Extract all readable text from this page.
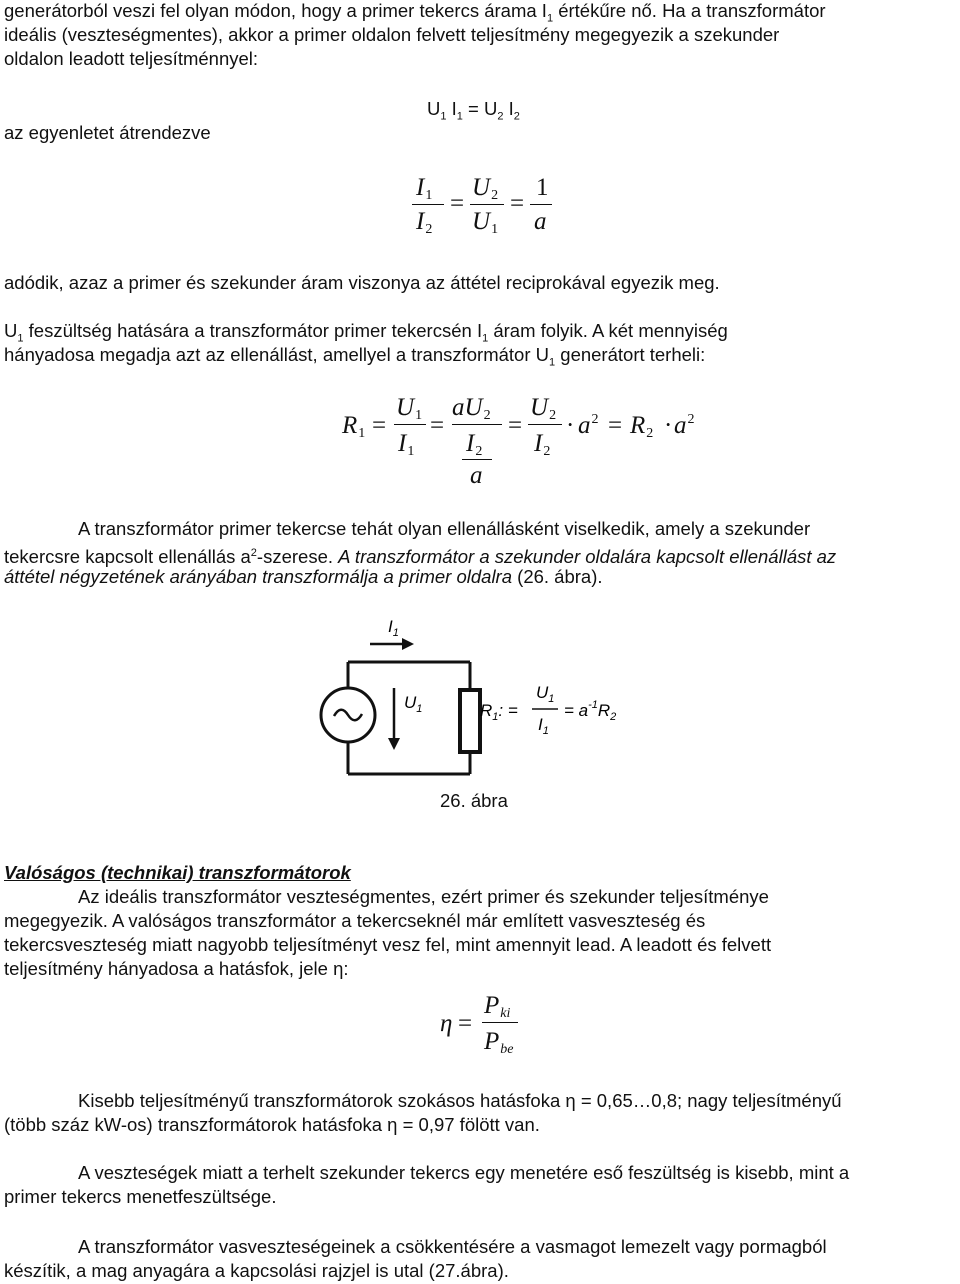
generátorból veszi fel olyan módon, hogy a primer tekercs árama $I_1$ értékűre nő. Ha a transzformátor
ideális (veszteségmentes), akkor a primer oldalon felvett teljesítmény megegyezik a szekunder
oldalon leadott teljesítménnyel:
$U_1$ $I_1 = U_2$ $I_2$
az egyenletet átrendezve
I1
I2
=
U2
U1
=
1
a
adódik, azaz a primer és szekunder áram viszonya az áttétel reciprokával egyezik meg.
$U_1$ feszültség hatására a transzformátor primer tekercsén $I_1$ áram folyik. A két mennyiség
hányadosa megadja azt az ellenállást, amellyel a transzformátor $U_1$ generátort terheli:
R1 =
U1
I1
=
aU2
I2
a
=
U2
I2
· $a^2 = R2 \cdot a^2$
A transzformátor primer tekercse tehát olyan ellenállásként viselkedik, amely a szekunder
tekercsre kapcsolt ellenállás $a^2$-szerese. A transzformátor a szekunder oldalára kapcsolt ellenállást az
áttétel négyzetének arányában transzformálja a primer oldalra (26. ábra).
$I_1$
$U_1$	$R_1$: =
$U_1$
$I_1$
= $a^{-1}R_2$
26. ábra
Valóságos (technikai) transzformátorok
Az ideális transzformátor veszteségmentes, ezért primer és szekunder teljesítménye
megegyezik. A valóságos transzformátor a tekercseknél már említett vasveszteség és
tekercsveszteség miatt nagyobb teljesítményt vesz fel, mint amennyit lead. A leadott és felvett
teljesítmény hányadosa a hatásfok, jele η:
η =
Pki
Pbe
Kisebb teljesítményű transzformátorok szokásos hatásfoka η = 0,65…0,8; nagy teljesítményű
(több száz kW-os) transzformátorok hatásfoka η = 0,97 fölött van.
A veszteségek miatt a terhelt szekunder tekercs egy menetére eső feszültség is kisebb, mint a
primer tekercs menetfeszültsége.
A transzformátor vasveszteségeinek a csökkentésére a vasmagot lemezelt vagy pormagból
készítik, a mag anyagára a kapcsolási rajzjel is utal (27.ábra).
